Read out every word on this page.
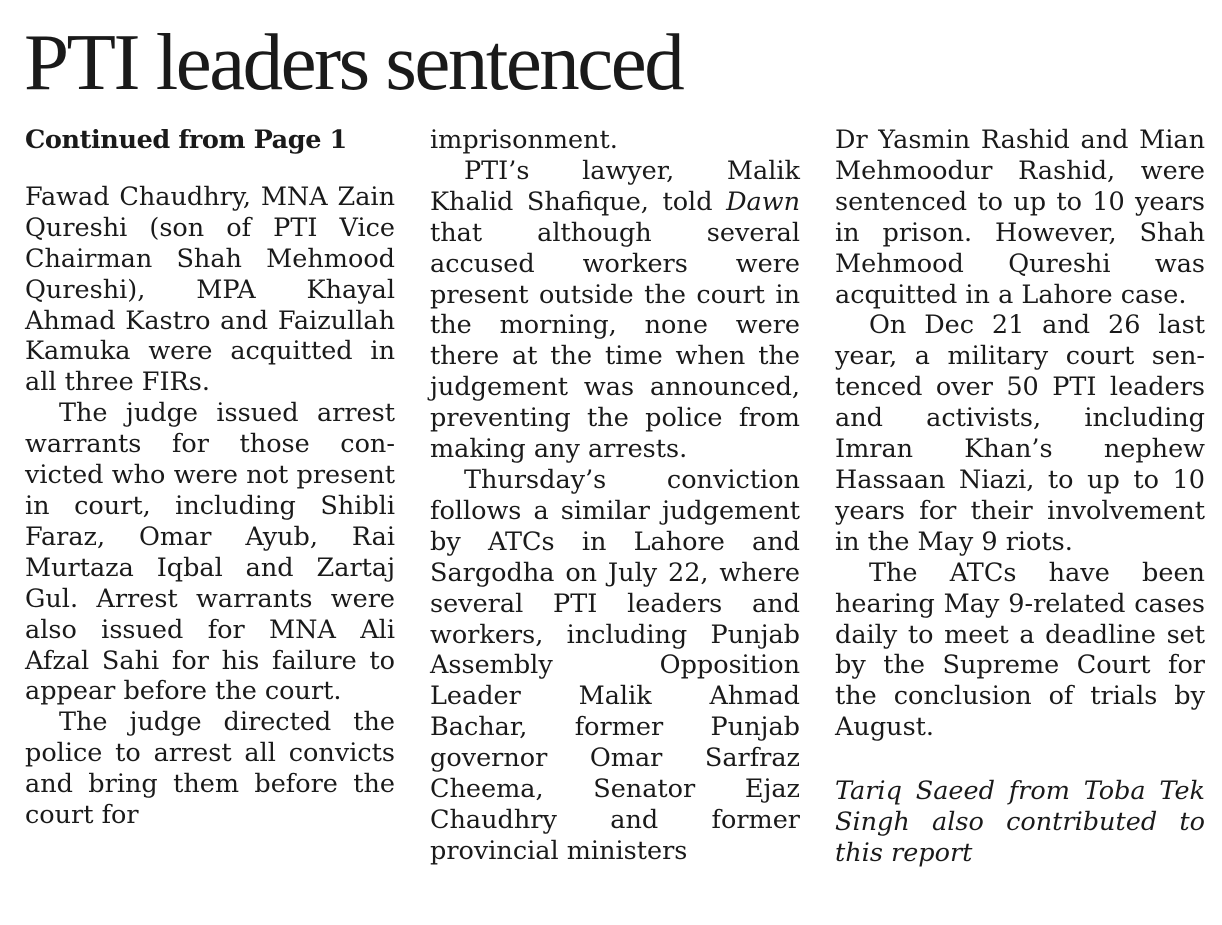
PTI leaders sentenced
Continued from Page 1

Fawad Chaudhry, MNA Zain Qureshi (son of PTI Vice Chairman Shah Mehmood Qureshi), MPA Khayal Ahmad Kastro and Faizullah Kamuka were acquitted in all three FIRs.

The judge issued arrest warrants for those convicted who were not present in court, including Shibli Faraz, Omar Ayub, Rai Murtaza Iqbal and Zartaj Gul. Arrest warrants were also issued for MNA Ali Afzal Sahi for his failure to appear before the court.

The judge directed the police to arrest all convicts and bring them before the court for

imprisonment.

PTI’s lawyer, Malik Khalid Shafique, told Dawn that although several accused workers were present outside the court in the morning, none were there at the time when the judgement was announced, preventing the police from making any arrests.

Thursday’s conviction follows a similar judgement by ATCs in Lahore and Sargodha on July 22, where several PTI leaders and workers, including Punjab Assembly Opposition Leader Malik Ahmad Bachar, former Punjab governor Omar Sarfraz Cheema, Senator Ejaz Chaudhry and former provincial ministers

Dr Yasmin Rashid and Mian Mehmoodur Rashid, were sentenced to up to 10 years in prison. However, Shah Mehmood Qureshi was acquitted in a Lahore case.

On Dec 21 and 26 last year, a military court sentenced over 50 PTI leaders and activists, including Imran Khan’s nephew Hassaan Niazi, to up to 10 years for their involvement in the May 9 riots.

The ATCs have been hearing May 9-related cases daily to meet a deadline set by the Supreme Court for the conclusion of trials by August.

Tariq Saeed from Toba Tek Singh also contributed to this report
